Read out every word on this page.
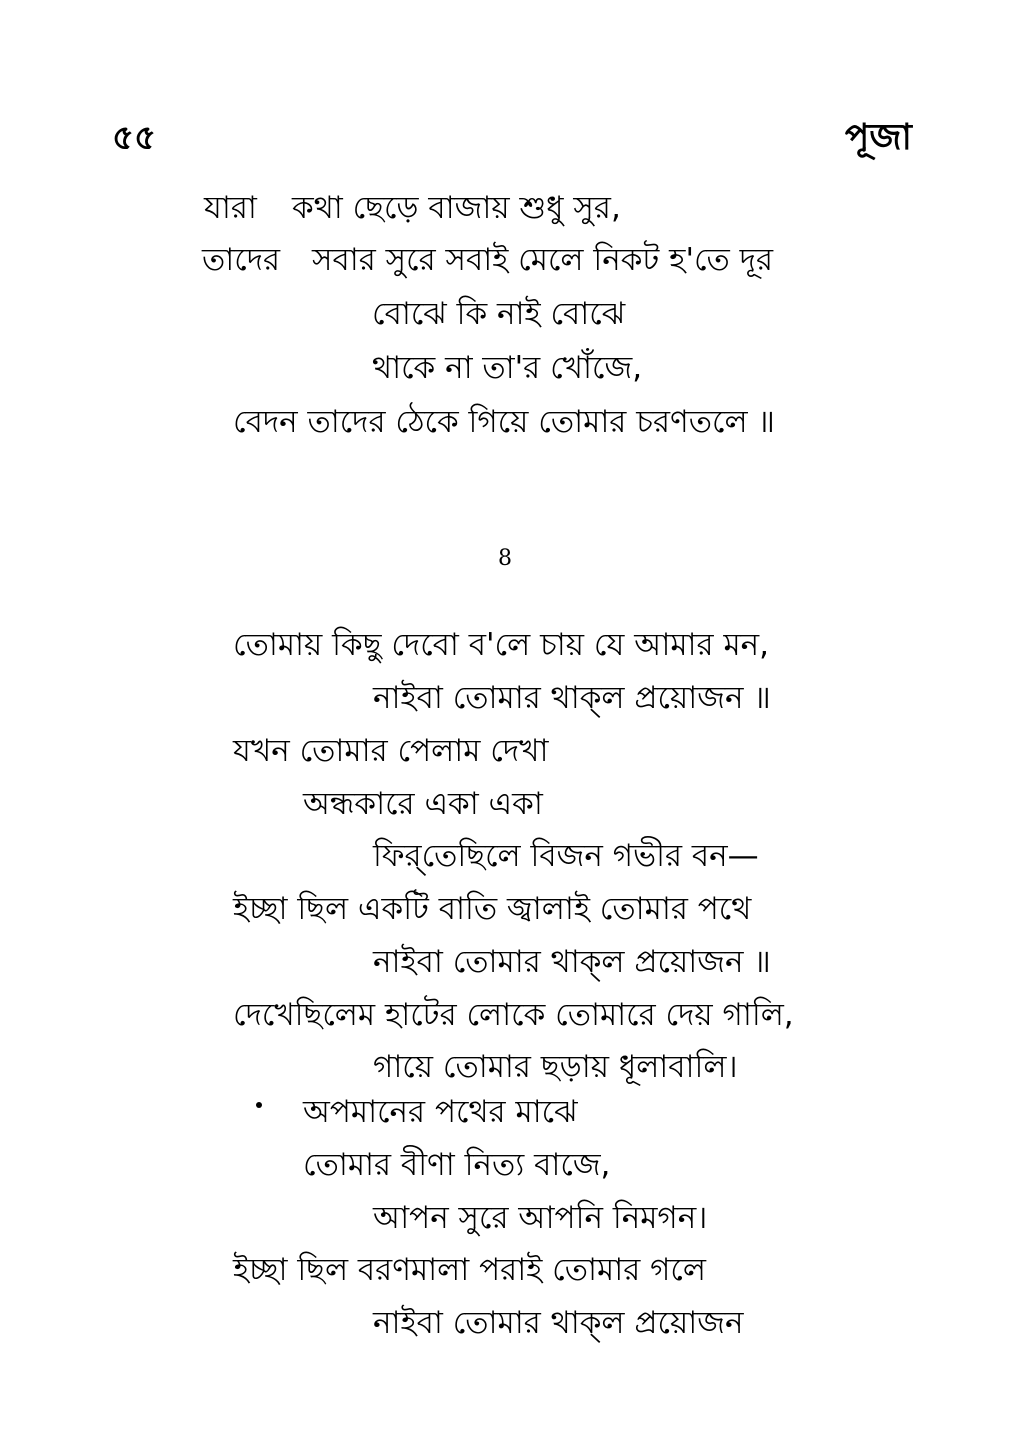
৫৫	পূজা
যারা কথা ছেড়ে বাজায় শুধু সুর,
তাদের সবার সুরে সবাই মেলে নিকট হ'তে দূর
বোঝে কি নাই বোঝে
থাকে না তা'র খোঁজে,
বেদন তাদের ঠেকে গিয়ে তোমার চরণতলে ॥
8
তোমায় কিছু দেবো ব'লে চায় যে আমার মন,
নাইবা তোমার থাক্‌ল প্রয়োজন ॥
যখন তোমার পেলাম দেখা
অন্ধকারে একা একা
ফির্‌তেছিলে বিজন গভীর বন—
ইচ্ছা ছিল একটি বাতি জ্বালাই তোমার পথে
নাইবা তোমার থাক্‌ল প্রয়োজন ॥
দেখেছিলেম হাটের লোকে তোমারে দেয় গালি,
গায়ে তোমার ছড়ায় ধূলাবালি।
অপমানের পথের মাঝে
তোমার বীণা নিত্য বাজে,
আপন সুরে আপনি নিমগন।
ইচ্ছা ছিল বরণমালা পরাই তোমার গলে
নাইবা তোমার থাক্‌ল প্রয়োজন
